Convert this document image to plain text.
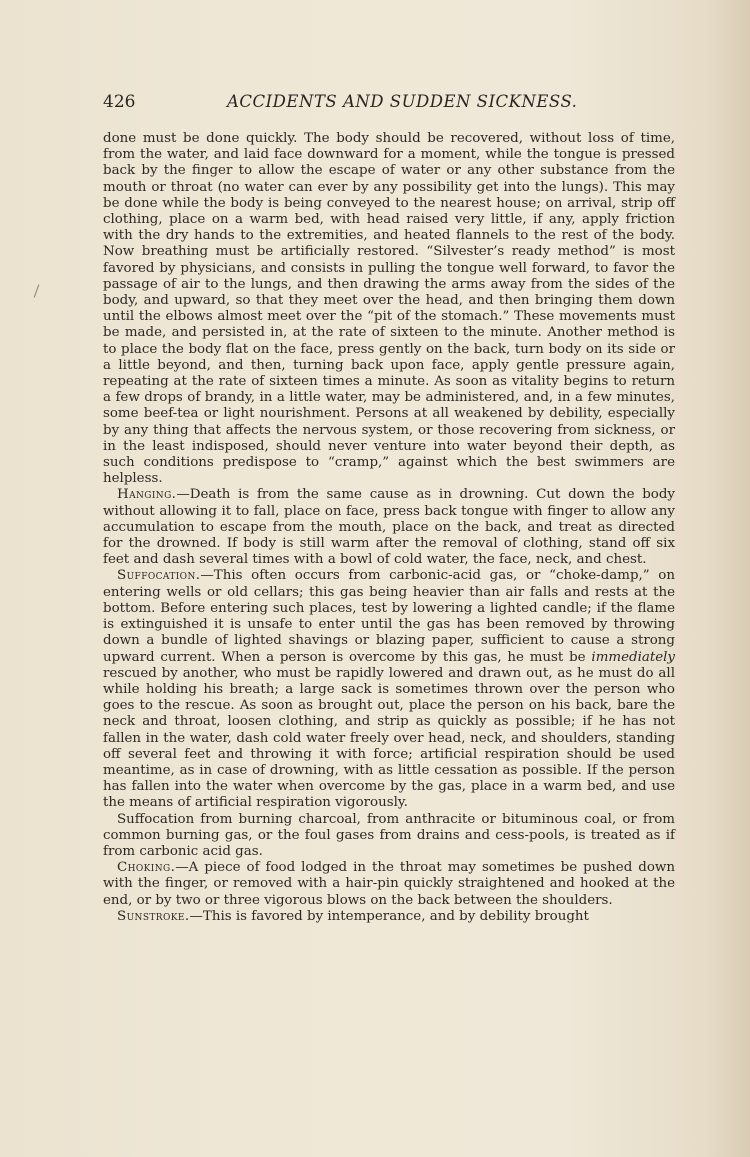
426	ACCIDENTS AND SUDDEN SICKNESS.

done must be done quickly. The body should be recovered, without loss of time, from the water, and laid face downward for a moment, while the tongue is pressed back by the finger to allow the escape of water or any other substance from the mouth or throat (no water can ever by any possibility get into the lungs). This may be done while the body is being conveyed to the nearest house; on arrival, strip off clothing, place on a warm bed, with head raised very little, if any, apply friction with the dry hands to the extremities, and heated flannels to the rest of the body. Now breathing must be artificially restored. “Silvester’s ready method” is most favored by physicians, and consists in pulling the tongue well forward, to favor the passage of air to the lungs, and then drawing the arms away from the sides of the body, and upward, so that they meet over the head, and then bringing them down until the elbows almost meet over the “pit of the stomach.” These movements must be made, and persisted in, at the rate of sixteen to the minute. Another method is to place the body flat on the face, press gently on the back, turn body on its side or a little beyond, and then, turning back upon face, apply gentle pressure again, repeating at the rate of sixteen times a minute. As soon as vitality begins to return a few drops of brandy, in a little water, may be administered, and, in a few minutes, some beef-tea or light nourishment. Persons at all weakened by debility, especially by any thing that affects the nervous system, or those recovering from sickness, or in the least indisposed, should never venture into water beyond their depth, as such conditions predispose to “cramp,” against which the best swimmers are helpless.

Hanging.—Death is from the same cause as in drowning. Cut down the body without allowing it to fall, place on face, press back tongue with finger to allow any accumulation to escape from the mouth, place on the back, and treat as directed for the drowned. If body is still warm after the removal of clothing, stand off six feet and dash several times with a bowl of cold water, the face, neck, and chest.

Suffocation.—This often occurs from carbonic-acid gas, or “choke-damp,” on entering wells or old cellars; this gas being heavier than air falls and rests at the bottom. Before entering such places, test by lowering a lighted candle; if the flame is extinguished it is unsafe to enter until the gas has been removed by throwing down a bundle of lighted shavings or blazing paper, sufficient to cause a strong upward current. When a person is overcome by this gas, he must be immediately rescued by another, who must be rapidly lowered and drawn out, as he must do all while holding his breath; a large sack is sometimes thrown over the person who goes to the rescue. As soon as brought out, place the person on his back, bare the neck and throat, loosen clothing, and strip as quickly as possible; if he has not fallen in the water, dash cold water freely over head, neck, and shoulders, standing off several feet and throwing it with force; artificial respiration should be used meantime, as in case of drowning, with as little cessation as possible. If the person has fallen into the water when overcome by the gas, place in a warm bed, and use the means of artificial respiration vigorously.

Suffocation from burning charcoal, from anthracite or bituminous coal, or from common burning gas, or the foul gases from drains and cess-pools, is treated as if from carbonic acid gas.

Choking.—A piece of food lodged in the throat may sometimes be pushed down with the finger, or removed with a hair-pin quickly straightened and hooked at the end, or by two or three vigorous blows on the back between the shoulders.

Sunstroke.—This is favored by intemperance, and by debility brought
